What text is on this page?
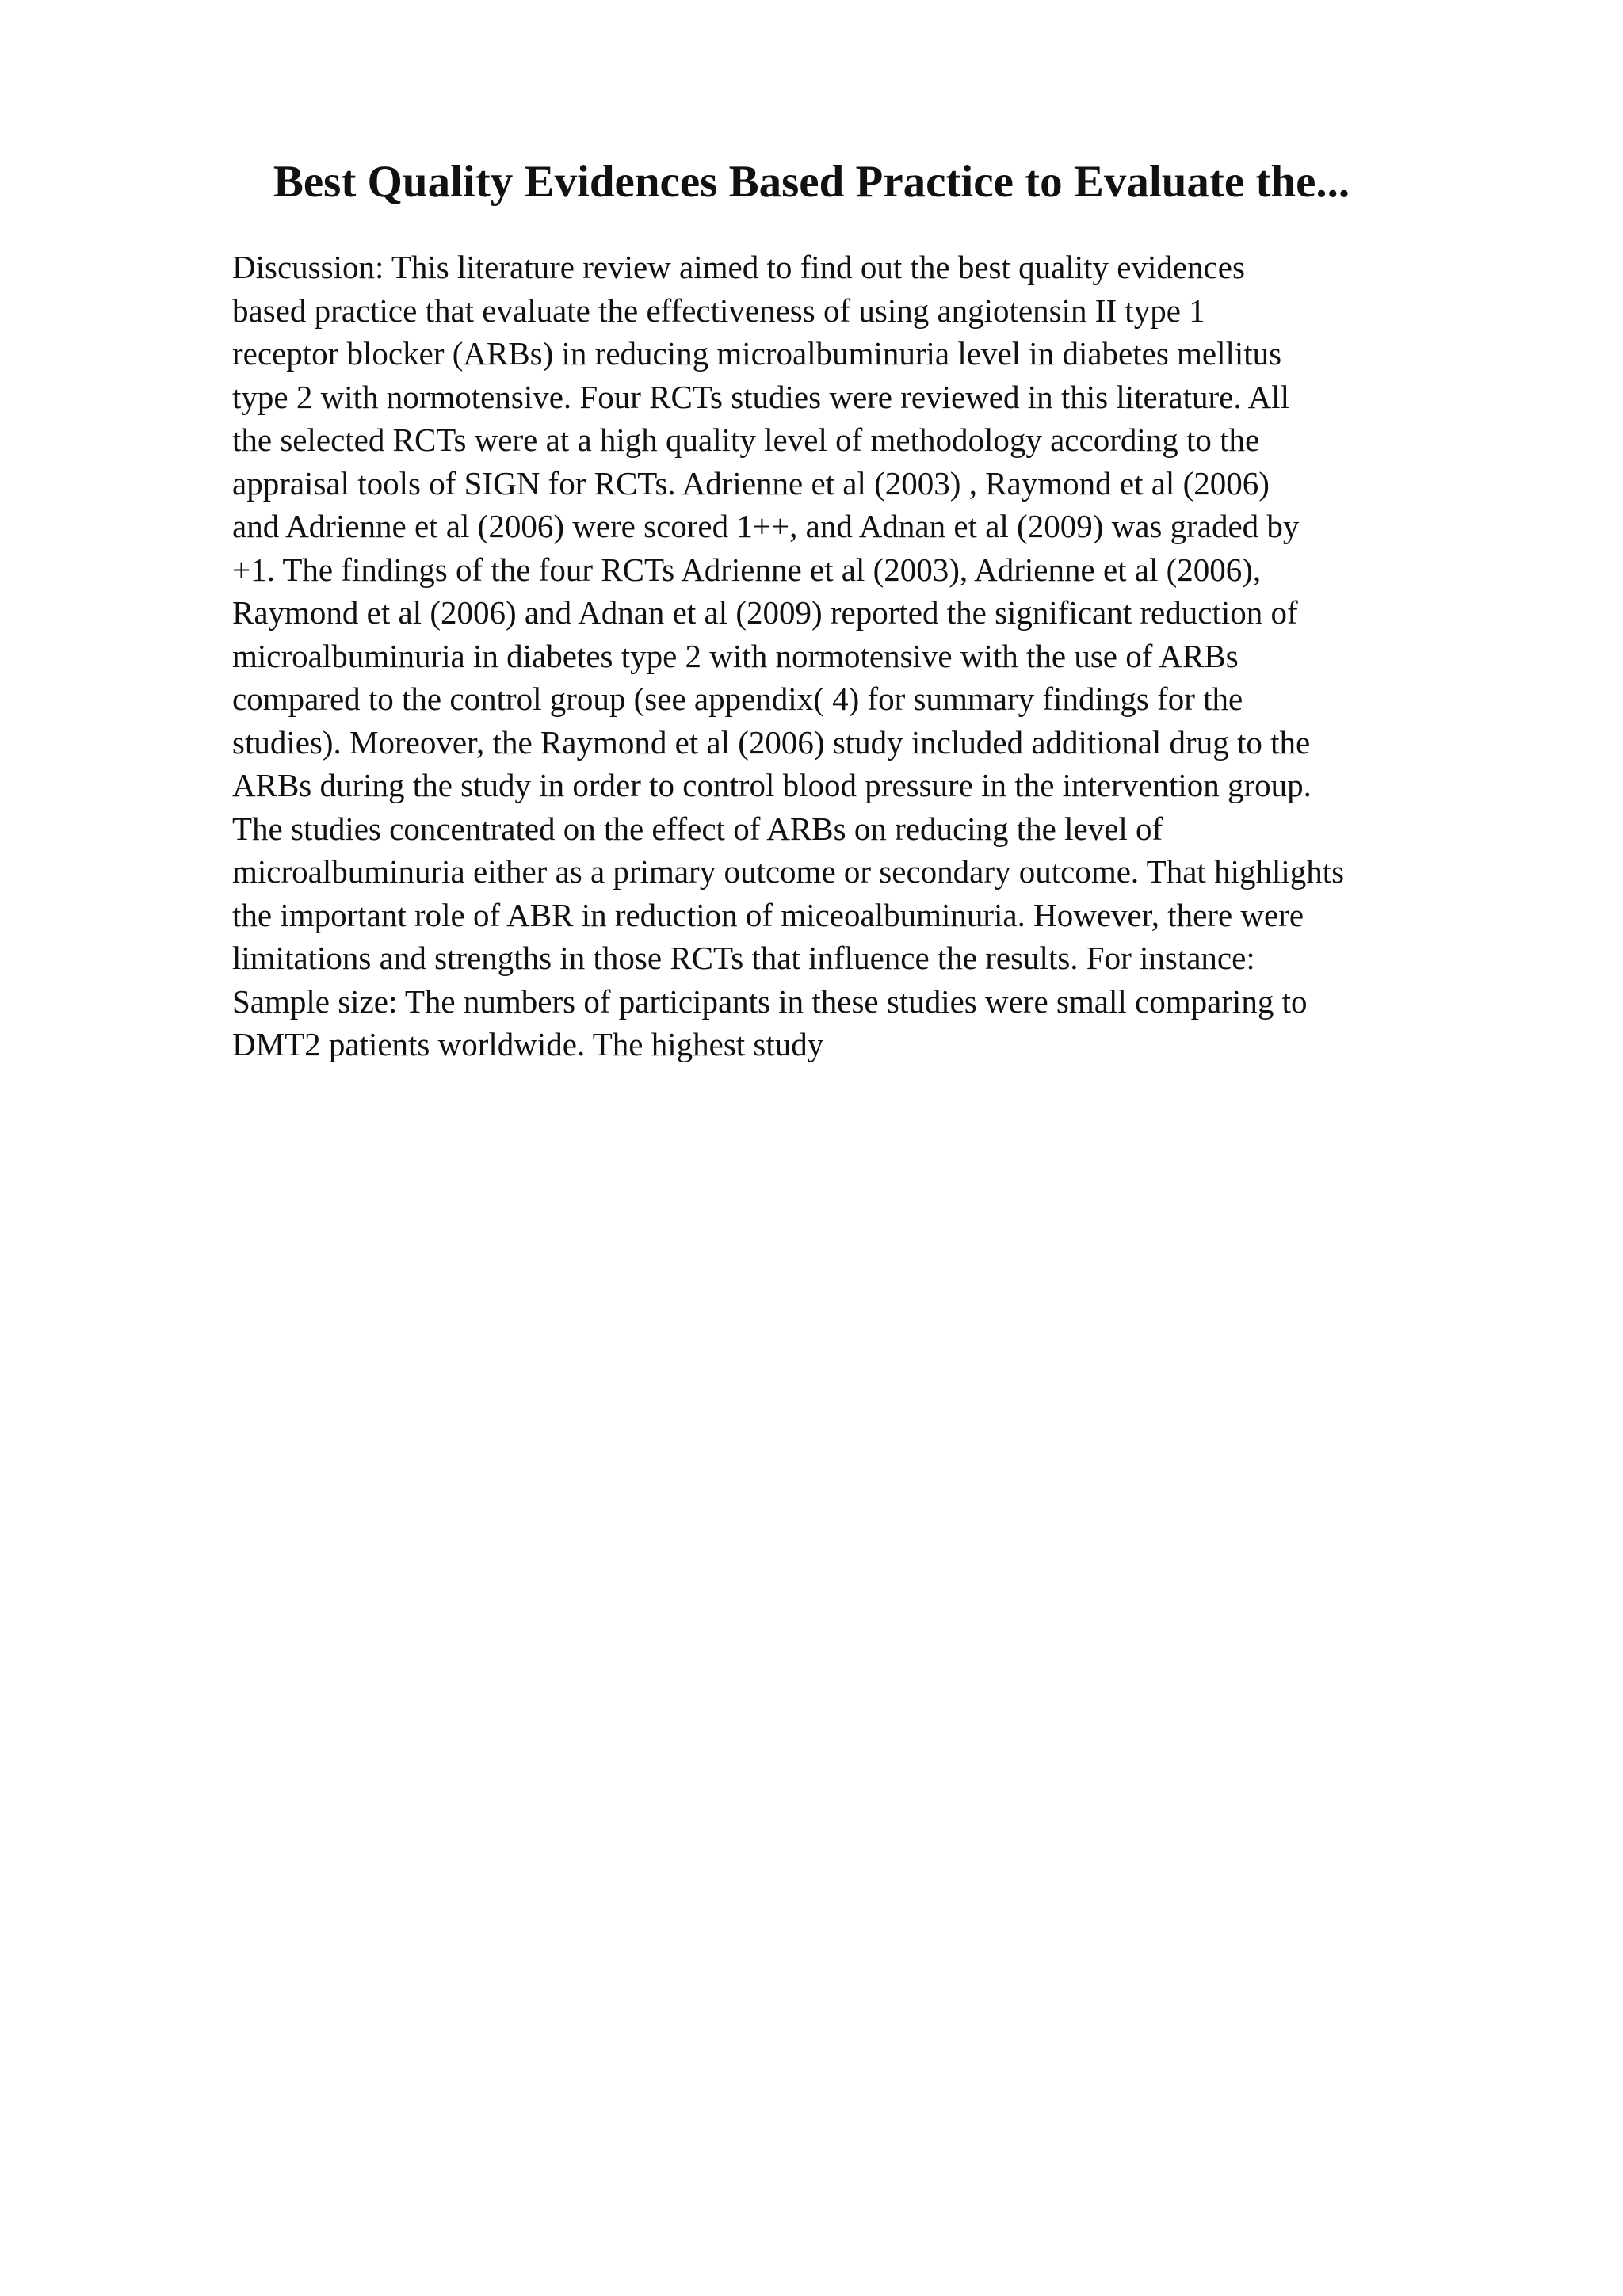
Best Quality Evidences Based Practice to Evaluate the...
Discussion: This literature review aimed to find out the best quality evidences
based practice that evaluate the effectiveness of using angiotensin II type 1
receptor blocker (ARBs) in reducing microalbuminuria level in diabetes mellitus
type 2 with normotensive. Four RCTs studies were reviewed in this literature. All
the selected RCTs were at a high quality level of methodology according to the
appraisal tools of SIGN for RCTs. Adrienne et al (2003) , Raymond et al (2006)
and Adrienne et al (2006) were scored 1++, and Adnan et al (2009) was graded by
+1. The findings of the four RCTs Adrienne et al (2003), Adrienne et al (2006),
Raymond et al (2006) and Adnan et al (2009) reported the significant reduction of
microalbuminuria in diabetes type 2 with normotensive with the use of ARBs
compared to the control group (see appendix( 4) for summary findings for the
studies). Moreover, the Raymond et al (2006) study included additional drug to the
ARBs during the study in order to control blood pressure in the intervention group.
The studies concentrated on the effect of ARBs on reducing the level of
microalbuminuria either as a primary outcome or secondary outcome. That highlights
the important role of ABR in reduction of miceoalbuminuria. However, there were
limitations and strengths in those RCTs that influence the results. For instance:
Sample size: The numbers of participants in these studies were small comparing to
DMT2 patients worldwide. The highest study
